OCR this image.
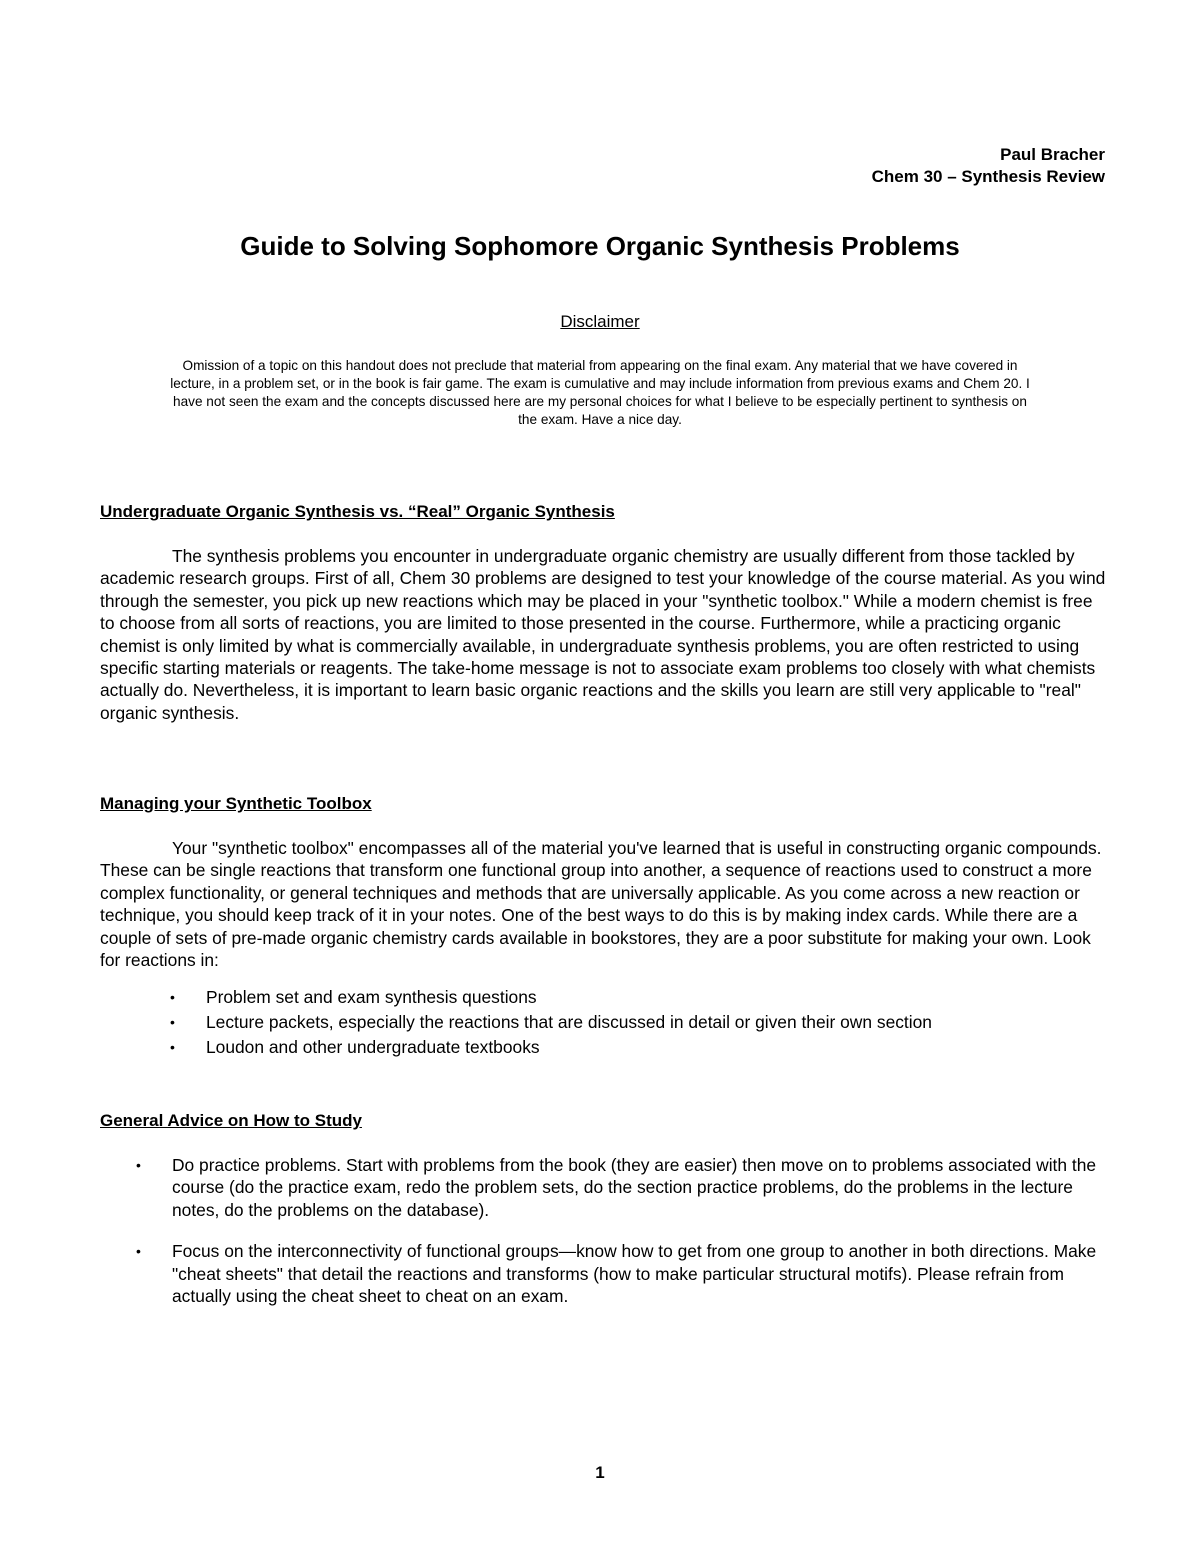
Paul Bracher
Chem 30 – Synthesis Review
Guide to Solving Sophomore Organic Synthesis Problems
Disclaimer

Omission of a topic on this handout does not preclude that material from appearing on the final exam. Any material that we have covered in lecture, in a problem set, or in the book is fair game. The exam is cumulative and may include information from previous exams and Chem 20. I have not seen the exam and the concepts discussed here are my personal choices for what I believe to be especially pertinent to synthesis on the exam. Have a nice day.

Undergraduate Organic Synthesis vs. “Real” Organic Synthesis

The synthesis problems you encounter in undergraduate organic chemistry are usually different from those tackled by academic research groups. First of all, Chem 30 problems are designed to test your knowledge of the course material. As you wind through the semester, you pick up new reactions which may be placed in your "synthetic toolbox." While a modern chemist is free to choose from all sorts of reactions, you are limited to those presented in the course. Furthermore, while a practicing organic chemist is only limited by what is commercially available, in undergraduate synthesis problems, you are often restricted to using specific starting materials or reagents. The take-home message is not to associate exam problems too closely with what chemists actually do. Nevertheless, it is important to learn basic organic reactions and the skills you learn are still very applicable to "real" organic synthesis.

Managing your Synthetic Toolbox

Your "synthetic toolbox" encompasses all of the material you've learned that is useful in constructing organic compounds. These can be single reactions that transform one functional group into another, a sequence of reactions used to construct a more complex functionality, or general techniques and methods that are universally applicable. As you come across a new reaction or technique, you should keep track of it in your notes. One of the best ways to do this is by making index cards. While there are a couple of sets of pre-made organic chemistry cards available in bookstores, they are a poor substitute for making your own. Look for reactions in:

• Problem set and exam synthesis questions
• Lecture packets, especially the reactions that are discussed in detail or given their own section
• Loudon and other undergraduate textbooks
General Advice on How to Study
• Do practice problems. Start with problems from the book (they are easier) then move on to problems associated with the course (do the practice exam, redo the problem sets, do the section practice problems, do the problems in the lecture notes, do the problems on the database).
• Focus on the interconnectivity of functional groups—know how to get from one group to another in both directions. Make "cheat sheets" that detail the reactions and transforms (how to make particular structural motifs). Please refrain from actually using the cheat sheet to cheat on an exam.
1
